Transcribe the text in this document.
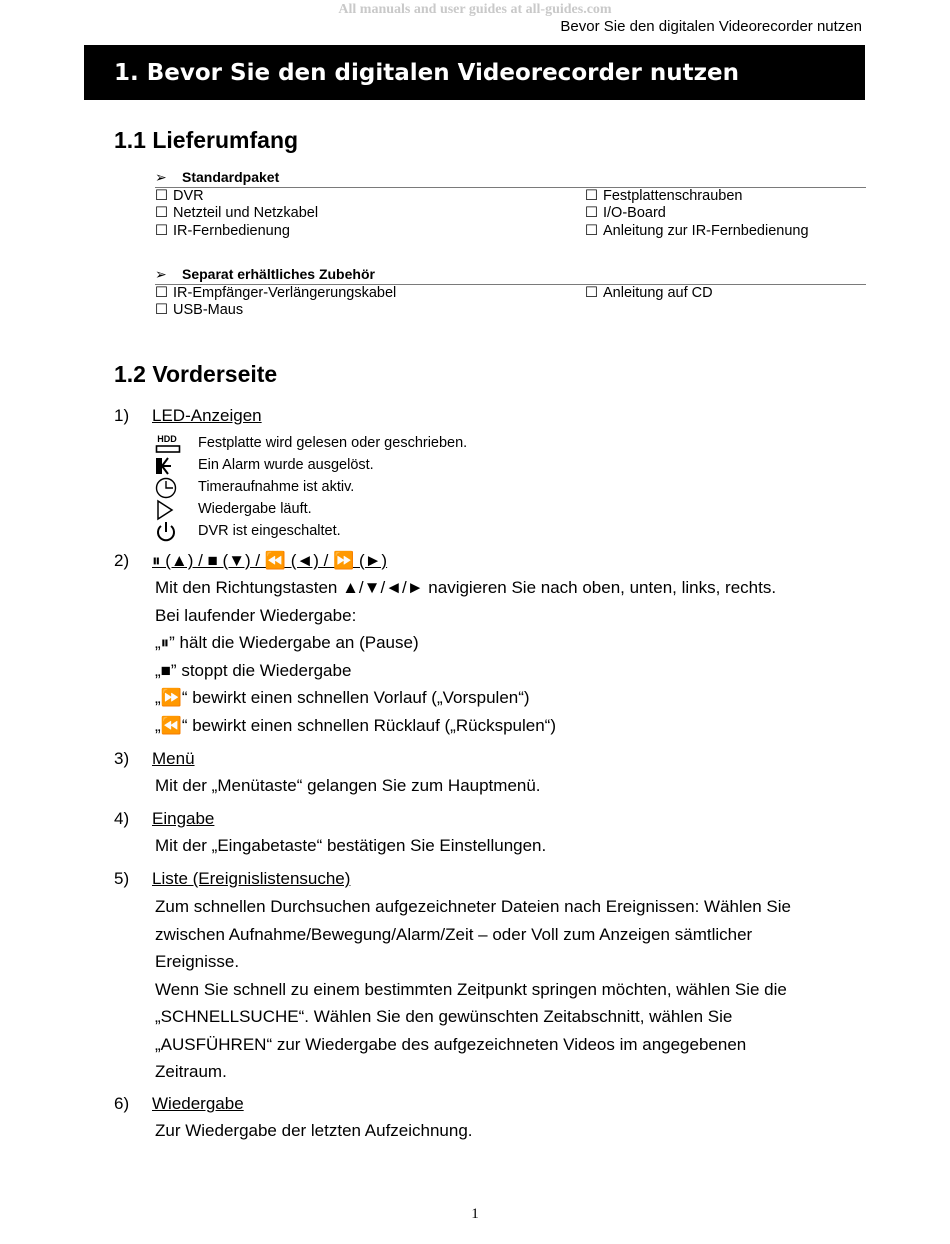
All manuals and user guides at all-guides.com
Bevor Sie den digitalen Videorecorder nutzen
1. Bevor Sie den digitalen Videorecorder nutzen
1.1 Lieferumfang
➢ Standardpaket
☐ DVR
☐ Netzteil und Netzkabel
☐ IR-Fernbedienung
☐ Festplattenschrauben
☐ I/O-Board
☐ Anleitung zur IR-Fernbedienung
➢ Separat erhältliches Zubehör
☐ IR-Empfänger-Verlängerungskabel
☐ USB-Maus
☐ Anleitung auf CD
1.2 Vorderseite
1) LED-Anzeigen
HDD Festplatte wird gelesen oder geschrieben.
Ein Alarm wurde ausgelöst.
Timeraufnahme ist aktiv.
Wiedergabe läuft.
DVR ist eingeschaltet.
2) ⏸ (▲) / ■ (▼) / ⏪ (◄) / ⏩ (►)
Mit den Richtungstasten ▲/▼/◄/► navigieren Sie nach oben, unten, links, rechts.
Bei laufender Wiedergabe:
„⏸” hält die Wiedergabe an (Pause)
„■” stoppt die Wiedergabe
„⏩“ bewirkt einen schnellen Vorlauf („Vorspulen“)
„⏪“ bewirkt einen schnellen Rücklauf („Rückspulen“)
3) Menü
Mit der „Menütaste“ gelangen Sie zum Hauptmenü.
4) Eingabe
Mit der „Eingabetaste“ bestätigen Sie Einstellungen.
5) Liste (Ereignislistensuche)
Zum schnellen Durchsuchen aufgezeichneter Dateien nach Ereignissen: Wählen Sie
zwischen Aufnahme/Bewegung/Alarm/Zeit – oder Voll zum Anzeigen sämtlicher
Ereignisse.
Wenn Sie schnell zu einem bestimmten Zeitpunkt springen möchten, wählen Sie die
„SCHNELLSUCHE“. Wählen Sie den gewünschten Zeitabschnitt, wählen Sie
„AUSFÜHREN“ zur Wiedergabe des aufgezeichneten Videos im angegebenen
Zeitraum.
6) Wiedergabe
Zur Wiedergabe der letzten Aufzeichnung.
1
